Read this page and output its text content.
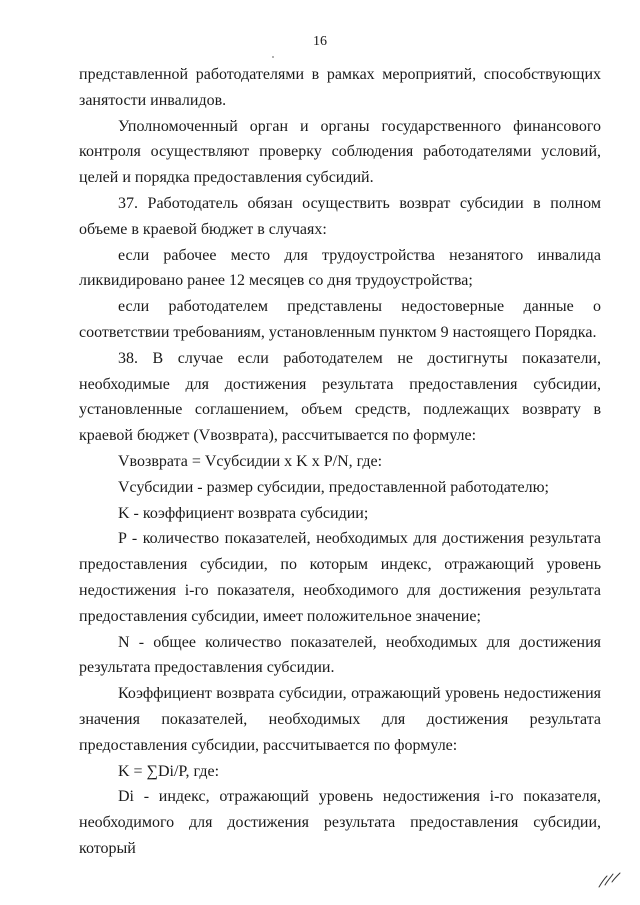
16

представленной работодателями в рамках мероприятий, способствующих занятости инвалидов.

Уполномоченный орган и органы государственного финансового контроля осуществляют проверку соблюдения работодателями условий, целей и порядка предоставления субсидий.

37. Работодатель обязан осуществить возврат субсидии в полном объеме в краевой бюджет в случаях:

если рабочее место для трудоустройства незанятого инвалида ликвидировано ранее 12 месяцев со дня трудоустройства;

если работодателем представлены недостоверные данные о соответствии требованиям, установленным пунктом 9 настоящего Порядка.

38. В случае если работодателем не достигнуты показатели, необходимые для достижения результата предоставления субсидии, установленные соглашением, объем средств, подлежащих возврату в краевой бюджет (Vвозврата), рассчитывается по формуле:

Vвозврата = Vсубсидии x K x P/N, где:

Vсубсидии - размер субсидии, предоставленной работодателю;

K - коэффициент возврата субсидии;

P - количество показателей, необходимых для достижения результата предоставления субсидии, по которым индекс, отражающий уровень недостижения i-го показателя, необходимого для достижения результата предоставления субсидии, имеет положительное значение;

N - общее количество показателей, необходимых для достижения результата предоставления субсидии.

Коэффициент возврата субсидии, отражающий уровень недостижения значения показателей, необходимых для достижения результата предоставления субсидии, рассчитывается по формуле:

K = ∑Di/P, где:

Di - индекс, отражающий уровень недостижения i-го показателя, необходимого для достижения результата предоставления субсидии, который
